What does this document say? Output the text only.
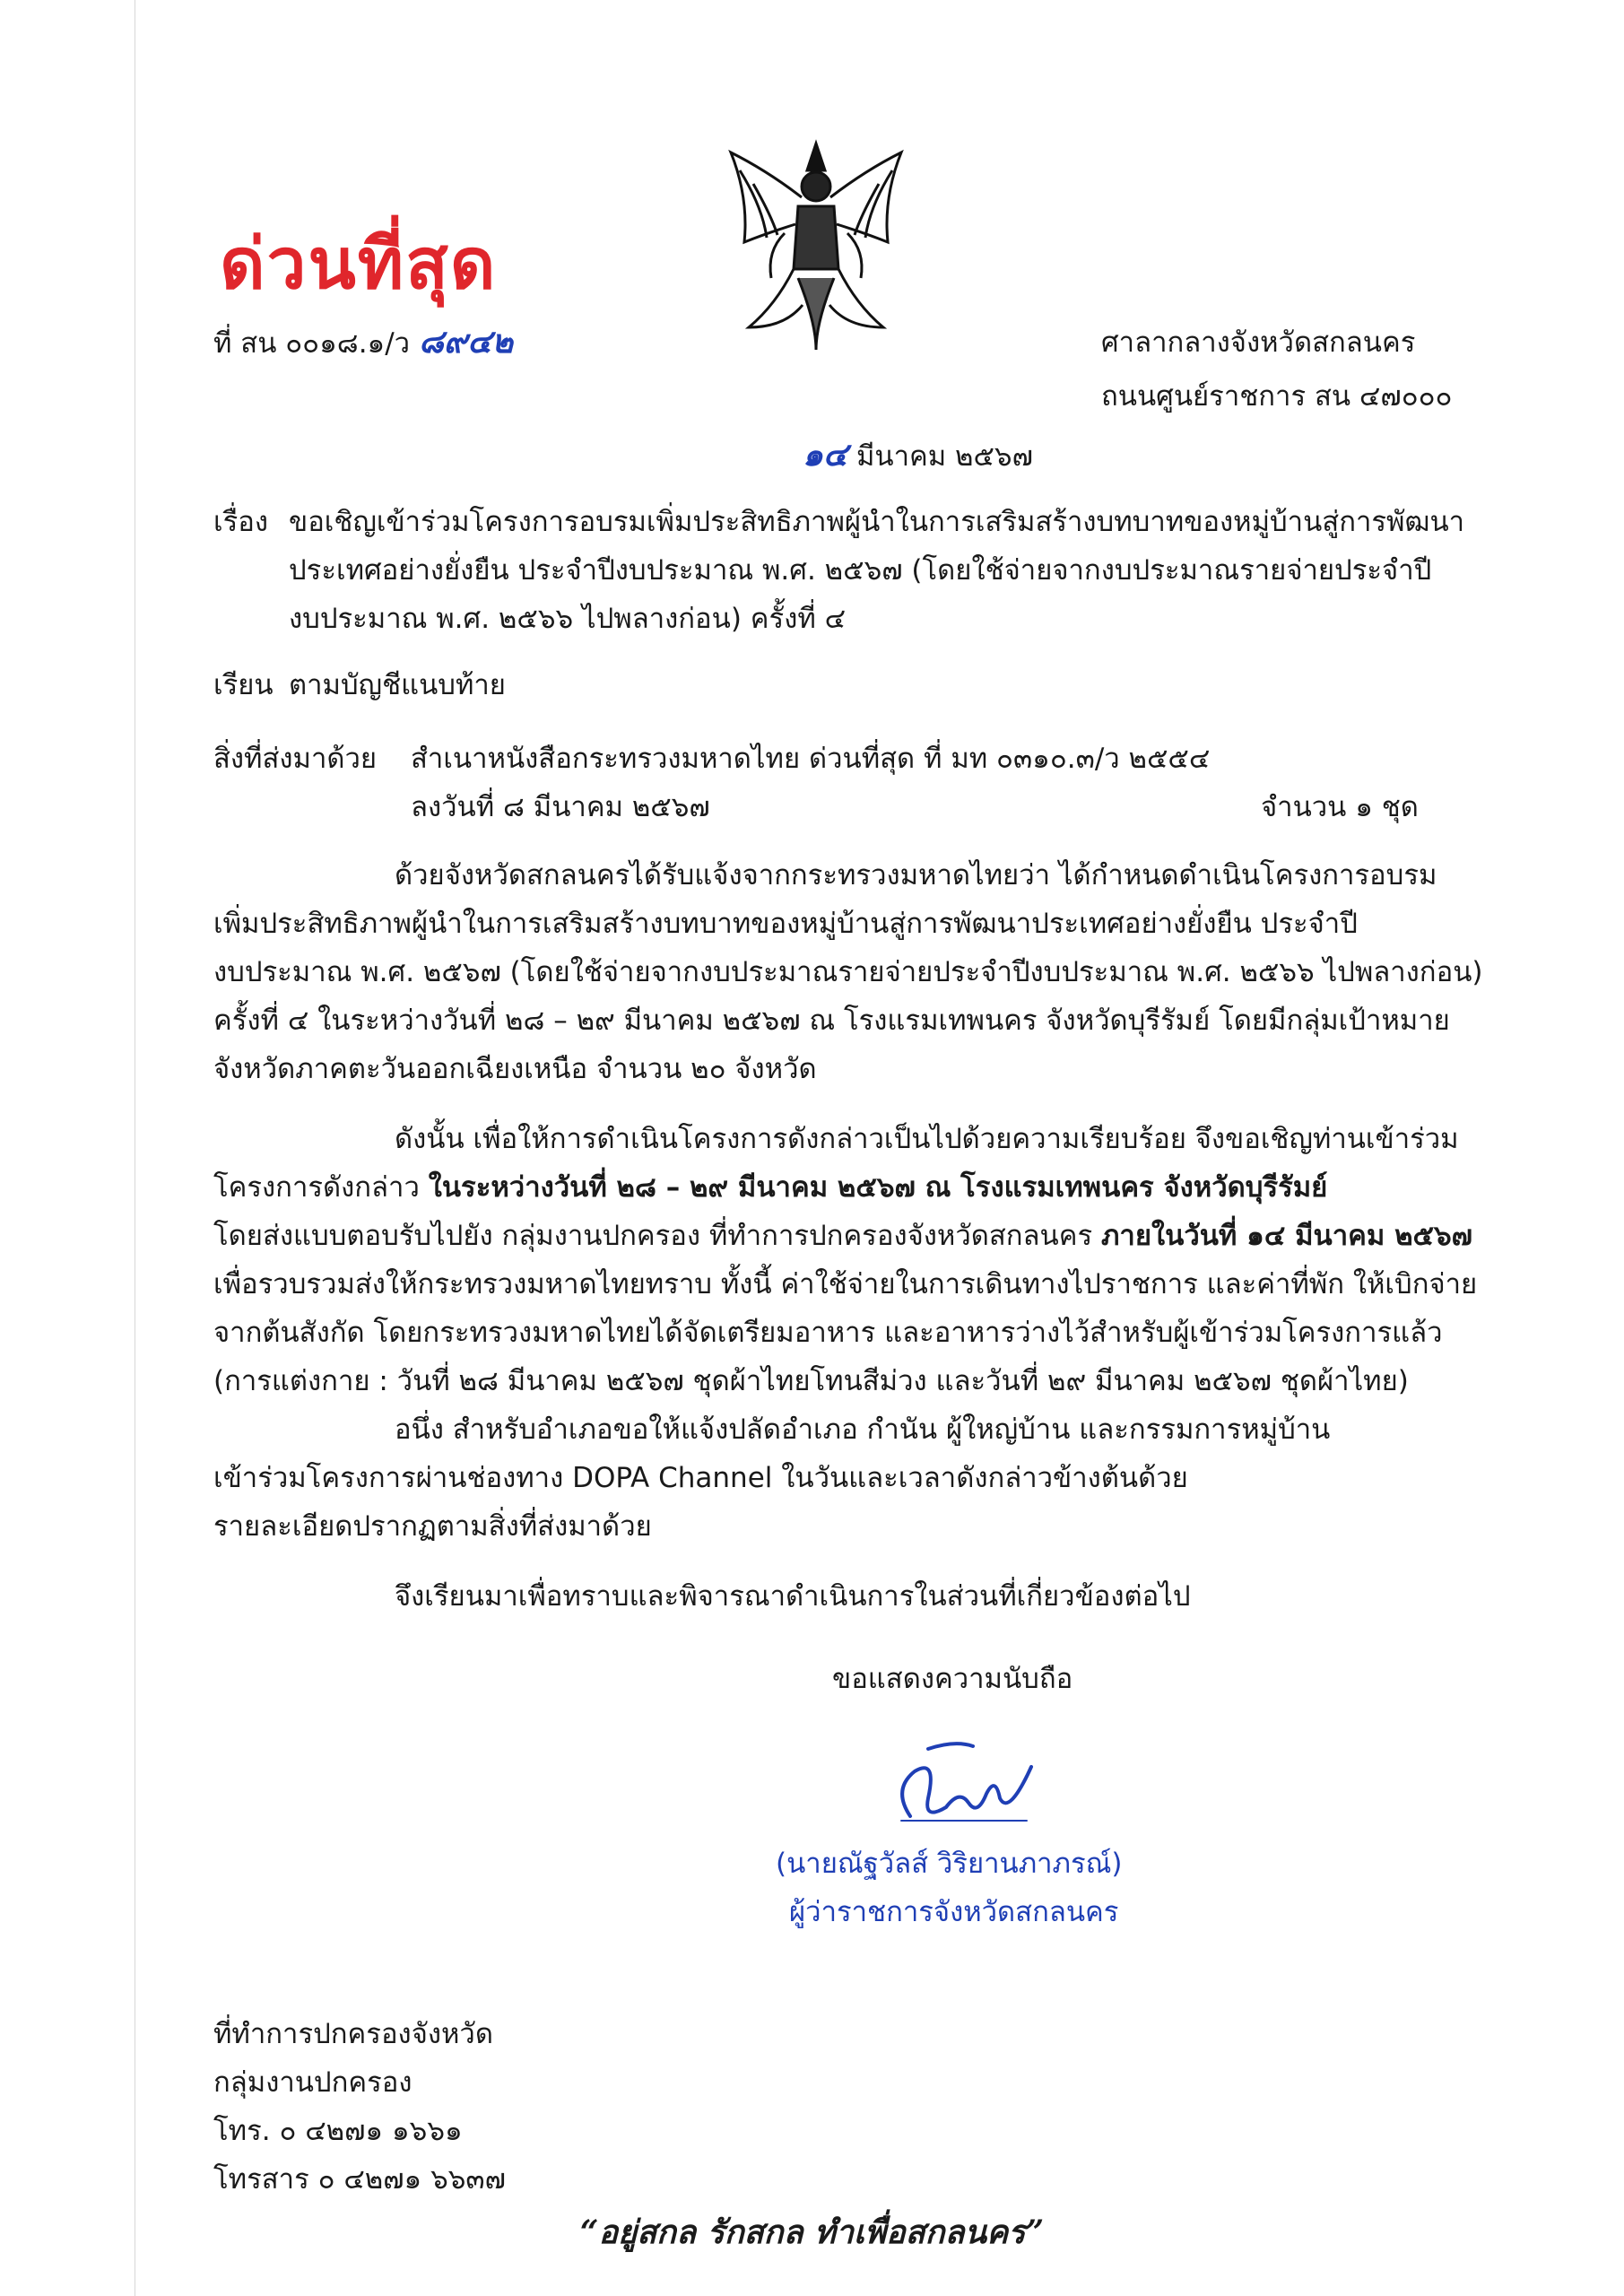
ด่วนที่สุด
ที่ สน ๐๐๑๘.๑/ว ๘๙๔๒	ศาลากลางจังหวัดสกลนคร
ถนนศูนย์ราชการ สน ๔๗๐๐๐
๑๔ มีนาคม ๒๕๖๗
เรื่อง ขอเชิญเข้าร่วมโครงการอบรมเพิ่มประสิทธิภาพผู้นำในการเสริมสร้างบทบาทของหมู่บ้านสู่การพัฒนา
ประเทศอย่างยั่งยืน ประจำปีงบประมาณ พ.ศ. ๒๕๖๗ (โดยใช้จ่ายจากงบประมาณรายจ่ายประจำปี
งบประมาณ พ.ศ. ๒๕๖๖ ไปพลางก่อน) ครั้งที่ ๔
เรียน ตามบัญชีแนบท้าย
สิ่งที่ส่งมาด้วย สำเนาหนังสือกระทรวงมหาดไทย ด่วนที่สุด ที่ มท ๐๓๑๐.๓/ว ๒๕๕๔
ลงวันที่ ๘ มีนาคม ๒๕๖๗	จำนวน ๑ ชุด
ด้วยจังหวัดสกลนครได้รับแจ้งจากกระทรวงมหาดไทยว่า ได้กำหนดดำเนินโครงการอบรม
เพิ่มประสิทธิภาพผู้นำในการเสริมสร้างบทบาทของหมู่บ้านสู่การพัฒนาประเทศอย่างยั่งยืน ประจำปี
งบประมาณ พ.ศ. ๒๕๖๗ (โดยใช้จ่ายจากงบประมาณรายจ่ายประจำปีงบประมาณ พ.ศ. ๒๕๖๖ ไปพลางก่อน)
ครั้งที่ ๔ ในระหว่างวันที่ ๒๘ – ๒๙ มีนาคม ๒๕๖๗ ณ โรงแรมเทพนคร จังหวัดบุรีรัมย์ โดยมีกลุ่มเป้าหมาย
จังหวัดภาคตะวันออกเฉียงเหนือ จำนวน ๒๐ จังหวัด
ดังนั้น เพื่อให้การดำเนินโครงการดังกล่าวเป็นไปด้วยความเรียบร้อย จึงขอเชิญท่านเข้าร่วม
โครงการดังกล่าว ในระหว่างวันที่ ๒๘ – ๒๙ มีนาคม ๒๕๖๗ ณ โรงแรมเทพนคร จังหวัดบุรีรัมย์
โดยส่งแบบตอบรับไปยัง กลุ่มงานปกครอง ที่ทำการปกครองจังหวัดสกลนคร ภายในวันที่ ๑๔ มีนาคม ๒๕๖๗
เพื่อรวบรวมส่งให้กระทรวงมหาดไทยทราบ ทั้งนี้ ค่าใช้จ่ายในการเดินทางไปราชการ และค่าที่พัก ให้เบิกจ่าย
จากต้นสังกัด โดยกระทรวงมหาดไทยได้จัดเตรียมอาหาร และอาหารว่างไว้สำหรับผู้เข้าร่วมโครงการแล้ว
(การแต่งกาย : วันที่ ๒๘ มีนาคม ๒๕๖๗ ชุดผ้าไทยโทนสีม่วง และวันที่ ๒๙ มีนาคม ๒๕๖๗ ชุดผ้าไทย)
อนึ่ง สำหรับอำเภอขอให้แจ้งปลัดอำเภอ กำนัน ผู้ใหญ่บ้าน และกรรมการหมู่บ้าน
เข้าร่วมโครงการผ่านช่องทาง DOPA Channel ในวันและเวลาดังกล่าวข้างต้นด้วย
รายละเอียดปรากฏตามสิ่งที่ส่งมาด้วย
จึงเรียนมาเพื่อทราบและพิจารณาดำเนินการในส่วนที่เกี่ยวข้องต่อไป
ขอแสดงความนับถือ
(นายณัฐวัลส์ วิริยานภาภรณ์)
ผู้ว่าราชการจังหวัดสกลนคร
ที่ทำการปกครองจังหวัด
กลุ่มงานปกครอง
โทร. ๐ ๔๒๗๑ ๑๖๖๑
โทรสาร ๐ ๔๒๗๑ ๖๖๓๗
“อยู่สกล รักสกล ทำเพื่อสกลนคร”
